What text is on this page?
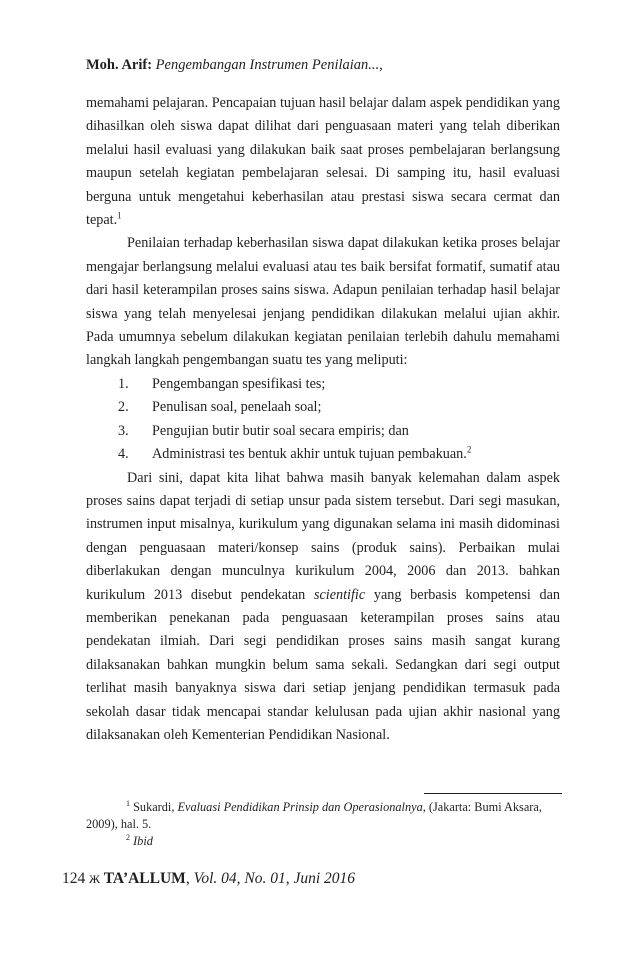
Moh. Arif: Pengembangan Instrumen Penilaian...,

memahami pelajaran. Pencapaian tujuan hasil belajar dalam aspek pendidikan yang dihasilkan oleh siswa dapat dilihat dari penguasaan materi yang telah diberikan melalui hasil evaluasi yang dilakukan baik saat proses pembelajaran berlangsung maupun setelah kegiatan pembelajaran selesai. Di samping itu, hasil evaluasi berguna untuk mengetahui keberhasilan atau prestasi siswa secara cermat dan tepat.$^1$

Penilaian terhadap keberhasilan siswa dapat dilakukan ketika proses belajar mengajar berlangsung melalui evaluasi atau tes baik bersifat formatif, sumatif atau dari hasil keterampilan proses sains siswa. Adapun penilaian terhadap hasil belajar siswa yang telah menyelesai jenjang pendidikan dilakukan melalui ujian akhir. Pada umumnya sebelum dilakukan kegiatan penilaian terlebih dahulu memahami langkah langkah pengembangan suatu tes yang meliputi:

1.	Pengembangan spesifikasi tes;
2.	Penulisan soal, penelaah soal;
3.	Pengujian butir butir soal secara empiris; dan
4.	Administrasi tes bentuk akhir untuk tujuan pembakuan.$^2$

Dari sini, dapat kita lihat bahwa masih banyak kelemahan dalam aspek proses sains dapat terjadi di setiap unsur pada sistem tersebut. Dari segi masukan, instrumen input misalnya, kurikulum yang digunakan selama ini masih didominasi dengan penguasaan materi/konsep sains (produk sains). Perbaikan mulai diberlakukan dengan munculnya kurikulum 2004, 2006 dan 2013. bahkan kurikulum 2013 disebut pendekatan scientific yang berbasis kompetensi dan memberikan penekanan pada penguasaan keterampilan proses sains atau pendekatan ilmiah. Dari segi pendidikan proses sains masih sangat kurang dilaksanakan bahkan mungkin belum sama sekali. Sedangkan dari segi output terlihat masih banyaknya siswa dari setiap jenjang pendidikan termasuk pada sekolah dasar tidak mencapai standar kelulusan pada ujian akhir nasional yang dilaksanakan oleh Kementerian Pendidikan Nasional.

$^1$ Sukardi, Evaluasi Pendidikan Prinsip dan Operasionalnya, (Jakarta: Bumi Aksara, 2009), hal. 5.

$^2$ Ibid

124 ж TA’ALLUM, Vol. 04, No. 01, Juni 2016
